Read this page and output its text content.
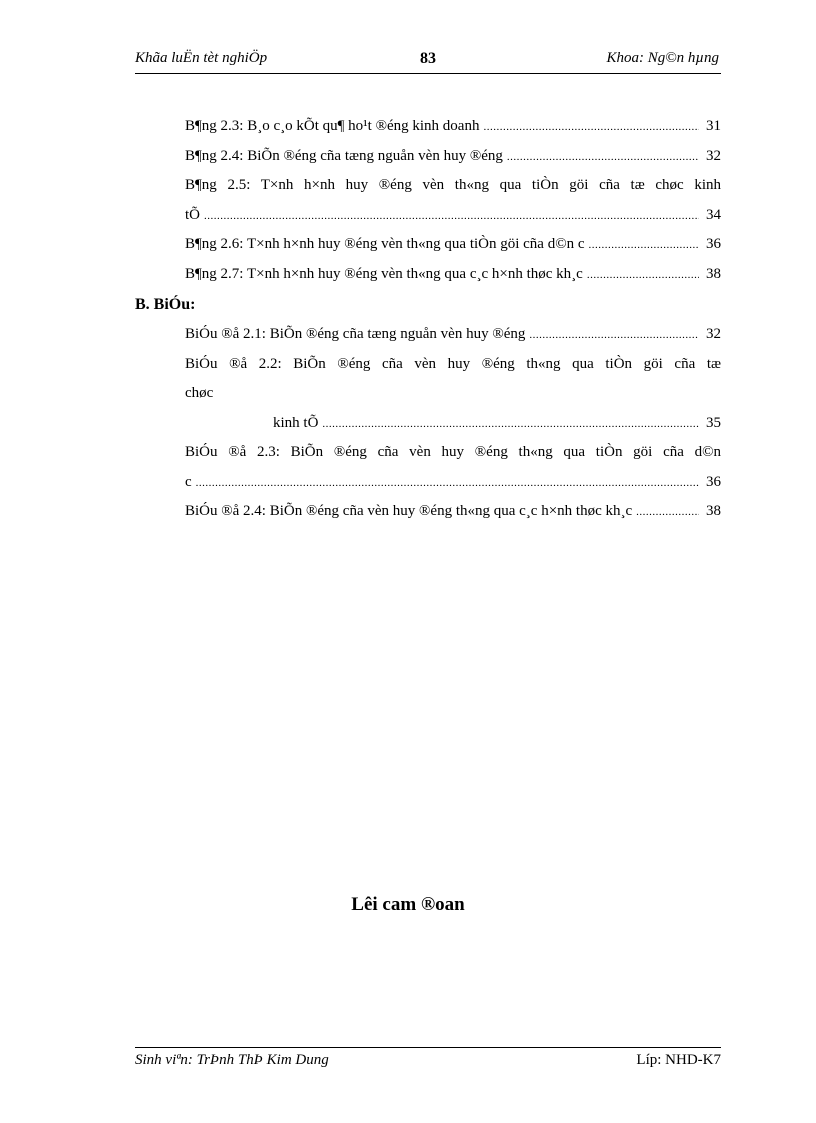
Khãa luËn tèt nghiÖp	83	Khoa: Ng©n hµng
B¶ng 2.3: B¸o c¸o kÕt qu¶ ho¹t ®éng kinh doanh .....	31
B¶ng 2.4: BiÕn ®éng cña tæng nguån vèn huy ®éng .....	32
B¶ng 2.5: T×nh h×nh huy ®éng vèn th«ng qua tiÒn göi cña tæ chøc kinh
tÕ .....	34
B¶ng 2.6: T×nh h×nh huy ®éng vèn th«ng qua tiÒn göi cña d©n c .....	36
B¶ng 2.7: T×nh h×nh huy ®éng vèn th«ng qua c¸c h×nh thøc kh¸c .....	38
B. BiÓu:
BiÓu ®å 2.1: BiÕn ®éng cña tæng nguån vèn huy ®éng .....	32
BiÓu ®å 2.2: BiÕn ®éng cña vèn huy ®éng th«ng qua tiÒn göi cña tæ
chøc
kinh tÕ .....	35
BiÓu ®å 2.3: BiÕn ®éng cña vèn huy ®éng th«ng qua tiÒn göi cña d©n
c .....	36
BiÓu ®å 2.4: BiÕn ®éng cña vèn huy ®éng th«ng qua c¸c h×nh thøc kh¸c .....	38
Lêi cam ®oan
Sinh viªn: TrÞnh ThÞ Kim Dung	Líp: NHD-K7
